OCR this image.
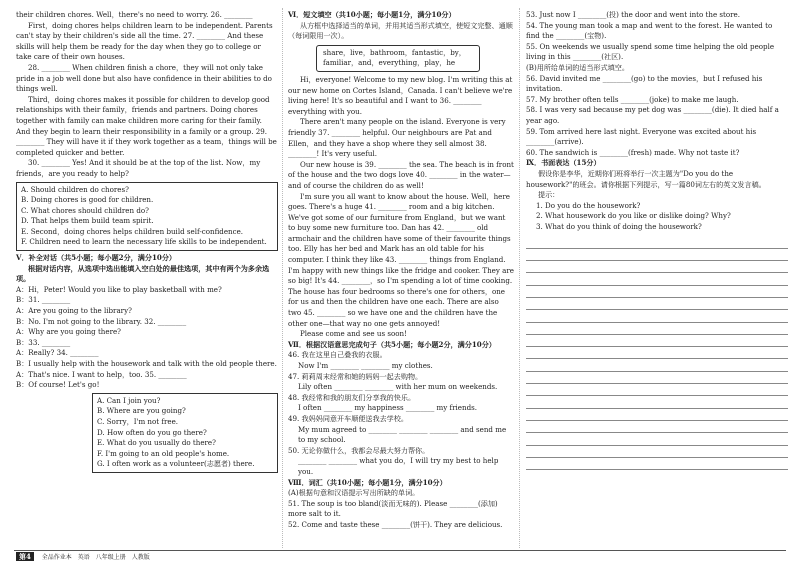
their children chores. Well，there's no need to worry. 26. ________

First，doing chores helps children learn to be independent. Parents can't stay by their children's side all the time. 27. ________ And these skills will help them be ready for the day when they go to college or take care of their own houses.

28. ________ When children finish a chore，they will not only take pride in a job well done but also have confidence in their abilities to do things well.

Third，doing chores makes it possible for children to develop good relationships with their family，friends and partners. Doing chores together with family can make children more caring for their family. And they begin to learn their responsibility in a family or a group. 29. ________ They will have it if they work together as a team，things will be completed quicker and better.

30. ________ Yes! And it should be at the top of the list. Now，my friends，are you ready to help?

A. Should children do chores?

B. Doing chores is good for children.

C. What chores should children do?

D. That helps them build team spirit.

E. Second，doing chores helps children build self-confidence.

F. Children need to learn the necessary life skills to be independent.

Ⅴ．补全对话（共5小题；每小题2分，满分10分）

根据对话内容，从选项中选出能填入空白处的最佳选项，其中有两个为多余选项。

A：Hi，Peter! Would you like to play basketball with me?

B：31. ________

A：Are you going to the library?

B：No. I'm not going to the library. 32. ________

A：Why are you going there?

B：33. ________

A：Really? 34. ________

B：I usually help with the housework and talk with the old people there.

A：That's nice. I want to help，too. 35. ________

B：Of course! Let's go!

A. Can I join you?

B. Where are you going?

C. Sorry，I'm not free.

D. How often do you go there?

E. What do you usually do there?

F. I'm going to an old people's home.

G. I often work as a volunteer(志愿者) there.

Ⅵ．短文填空（共10小题；每小题1分，满分10分）

从方框中选择适当的单词，并用其适当形式填空，使短文完整、通顺（每词限用一次）。

share，live，bathroom，fantastic，by，familiar，and，everything，play，he

Hi，everyone! Welcome to my new blog. I'm writing this at our new home on Cortes Island，Canada. I can't believe we're living here! It's so beautiful and I want to 36. ________ everything with you.

There aren't many people on the island. Everyone is very friendly 37. ________ helpful. Our neighbours are Pat and Ellen，and they have a shop where they sell almost 38. ________! It's very useful.

Our new house is 39. ________ the sea. The beach is in front of the house and the two dogs love 40. ________ in the water—and of course the children do as well!

I'm sure you all want to know about the house. Well，here goes. There's a huge 41. ________ room and a big kitchen. We've got some of our furniture from England，but we want to buy some new furniture too. Dan has 42. ________ old armchair and the children have some of their favourite things too. Elly has her bed and Mark has an old table for his computer. I think they like 43. ________ things from England. I'm happy with new things like the fridge and cooker. They are so big! It's 44. ________，so I'm spending a lot of time cooking. The house has four bedrooms so there's one for others，one for us and then the children have one each. There are also two 45. ________ so we have one and the children have the other one—that way no one gets annoyed!

Please come and see us soon!

Ⅶ．根据汉语意思完成句子（共5小题；每小题2分，满分10分）

46. 我在这里自己叠我的衣服。

Now I'm ________ ________ my clothes.

47. 莉莉周末经常和她的妈妈一起去购物。

Lily often ________ ________ with her mum on weekends.

48. 我经常和我的朋友们分享我的快乐。

I often ________ my happiness ________ my friends.

49. 我妈妈同意开车顺便送我去学校。

My mum agreed to ________ ________ ________ and send me to my school.

50. 无论你做什么，我都会尽最大努力帮你。

________ ________ what you do，I will try my best to help you.

Ⅷ．词汇（共10小题；每小题1分，满分10分）

(A)根据句意和汉语提示写出所缺的单词。

51. The soup is too bland(淡而无味的). Please ________(添加) more salt to it.

52. Come and taste these ________(饼干). They are delicious.

53. Just now I ________(投) the door and went into the store.

54. The young man took a map and went to the forest. He wanted to find the ________(宝物).

55. On weekends we usually spend some time helping the old people living in this ________(社区).

(B)用所给单词的适当形式填空。

56. David invited me ________(go) to the movies，but I refused his invitation.

57. My brother often tells ________(joke) to make me laugh.

58. I was very sad because my pet dog was ________(die). It died half a year ago.

59. Tom arrived here last night. Everyone was excited about his ________(arrive).

60. The sandwich is ________(fresh) made. Why not taste it?

Ⅸ．书面表达（15分）

假设你是李华，近期你们班将举行一次主题为"Do you do the housework?"的班会。请你根据下列提示，写一篇80词左右的英文发言稿。

提示：

1. Do you do the housework?

2. What housework do you like or dislike doing? Why?

3. What do you think of doing the housework?

第4 全品作业本　英语　八年级上册　人教版
